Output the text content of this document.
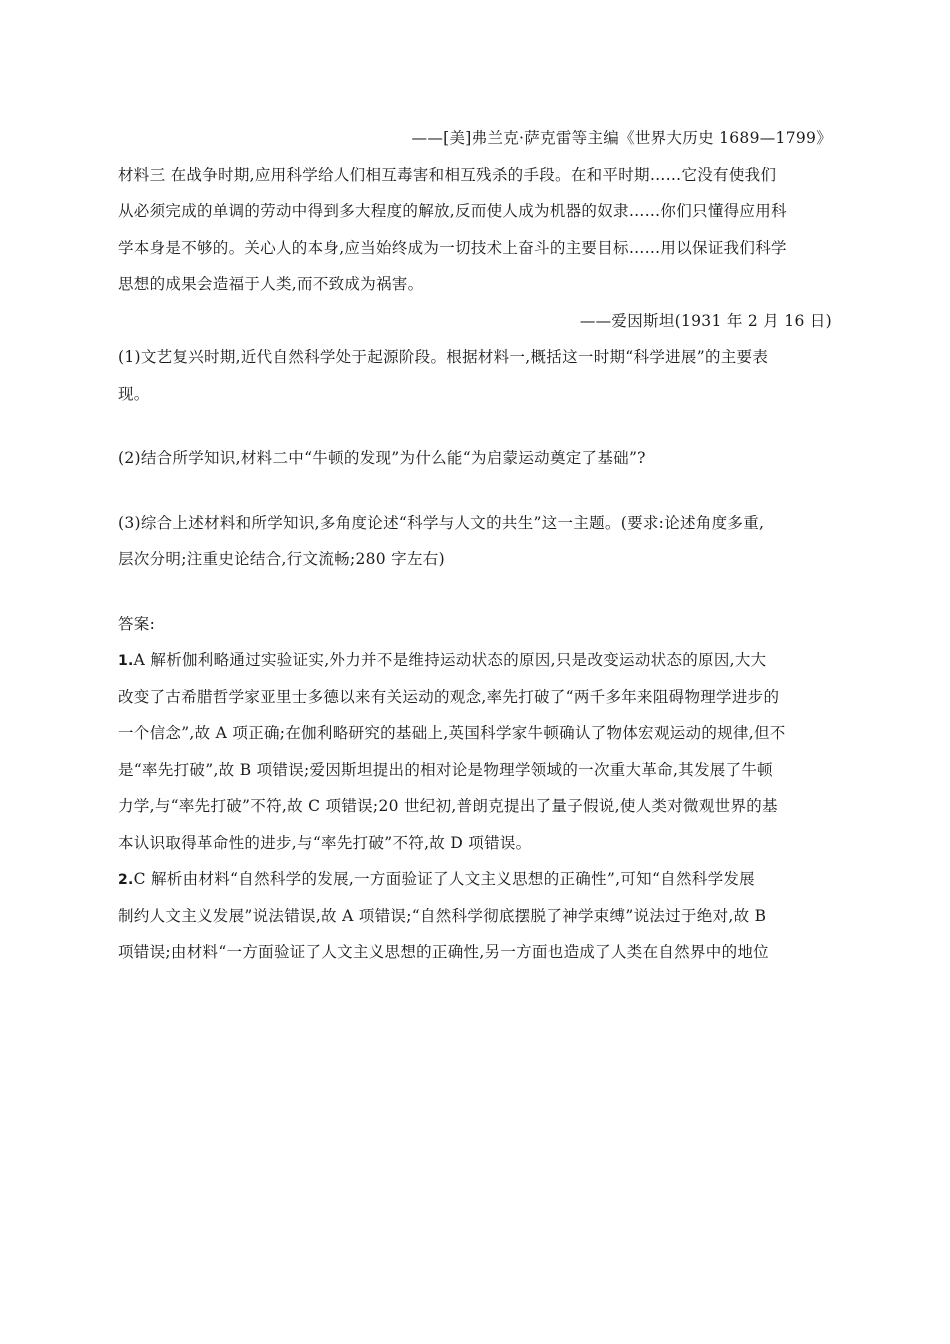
——[美]弗兰克·萨克雷等主编《世界大历史 1689—1799》
材料三 在战争时期,应用科学给人们相互毒害和相互残杀的手段。在和平时期……它没有使我们
从必须完成的单调的劳动中得到多大程度的解放,反而使人成为机器的奴隶……你们只懂得应用科
学本身是不够的。关心人的本身,应当始终成为一切技术上奋斗的主要目标……用以保证我们科学
思想的成果会造福于人类,而不致成为祸害。
——爱因斯坦(1931 年 2 月 16 日)
(1)文艺复兴时期,近代自然科学处于起源阶段。根据材料一,概括这一时期“科学进展”的主要表
现。
(2)结合所学知识,材料二中“牛顿的发现”为什么能“为启蒙运动奠定了基础”?
(3)综合上述材料和所学知识,多角度论述“科学与人文的共生”这一主题。(要求:论述角度多重,
层次分明;注重史论结合,行文流畅;280 字左右)
答案:
1.A 解析伽利略通过实验证实,外力并不是维持运动状态的原因,只是改变运动状态的原因,大大
改变了古希腊哲学家亚里士多德以来有关运动的观念,率先打破了“两千多年来阻碍物理学进步的
一个信念”,故 A 项正确;在伽利略研究的基础上,英国科学家牛顿确认了物体宏观运动的规律,但不
是“率先打破”,故 B 项错误;爱因斯坦提出的相对论是物理学领域的一次重大革命,其发展了牛顿
力学,与“率先打破”不符,故 C 项错误;20 世纪初,普朗克提出了量子假说,使人类对微观世界的基
本认识取得革命性的进步,与“率先打破”不符,故 D 项错误。
2.C 解析由材料“自然科学的发展,一方面验证了人文主义思想的正确性”,可知“自然科学发展
制约人文主义发展”说法错误,故 A 项错误;“自然科学彻底摆脱了神学束缚”说法过于绝对,故 B
项错误;由材料“一方面验证了人文主义思想的正确性,另一方面也造成了人类在自然界中的地位
